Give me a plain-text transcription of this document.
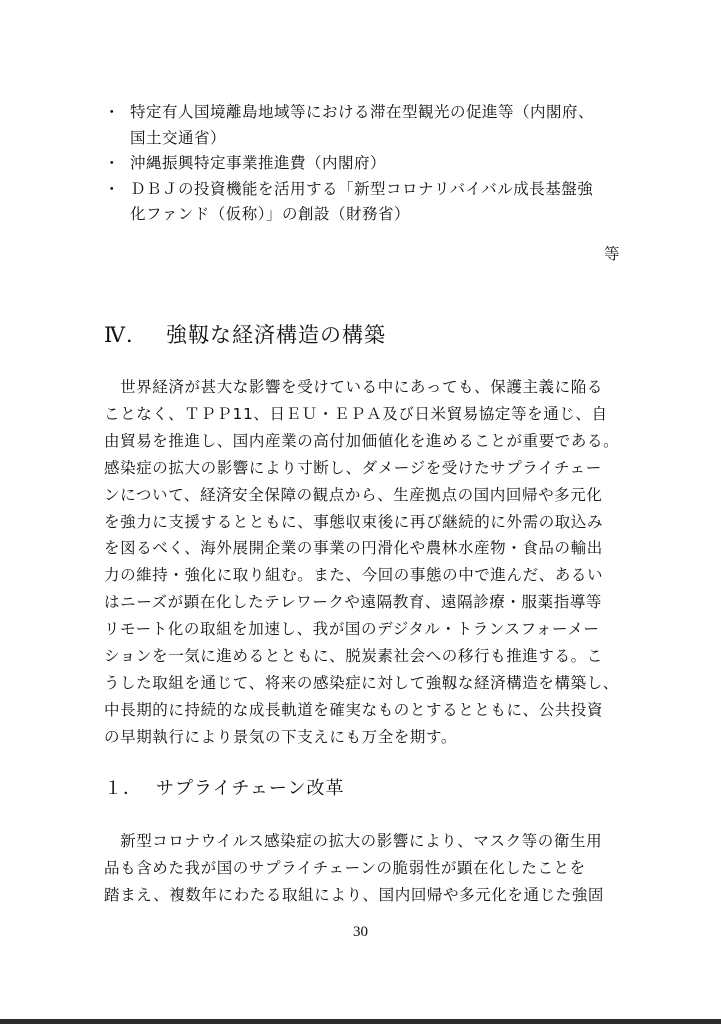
・ 特定有人国境離島地域等における滞在型観光の促進等（内閣府、
国土交通省）
・ 沖縄振興特定事業推進費（内閣府）
・ ＤＢＪの投資機能を活用する「新型コロナリバイバル成長基盤強
化ファンド（仮称）」の創設（財務省）
等
Ⅳ． 強靱な経済構造の構築
　世界経済が甚大な影響を受けている中にあっても、保護主義に陥る
ことなく、ＴＰＰ11、日ＥＵ・ＥＰＡ及び日米貿易協定等を通じ、自
由貿易を推進し、国内産業の高付加価値化を進めることが重要である。
感染症の拡大の影響により寸断し、ダメージを受けたサプライチェー
ンについて、経済安全保障の観点から、生産拠点の国内回帰や多元化
を強力に支援するとともに、事態収束後に再び継続的に外需の取込み
を図るべく、海外展開企業の事業の円滑化や農林水産物・食品の輸出
力の維持・強化に取り組む。また、今回の事態の中で進んだ、あるい
はニーズが顕在化したテレワークや遠隔教育、遠隔診療・服薬指導等
リモート化の取組を加速し、我が国のデジタル・トランスフォーメー
ションを一気に進めるとともに、脱炭素社会への移行も推進する。こ
うした取組を通じて、将来の感染症に対して強靱な経済構造を構築し、
中長期的に持続的な成長軌道を確実なものとするとともに、公共投資
の早期執行により景気の下支えにも万全を期す。
１． サプライチェーン改革
　新型コロナウイルス感染症の拡大の影響により、マスク等の衛生用
品も含めた我が国のサプライチェーンの脆弱性が顕在化したことを
踏まえ、複数年にわたる取組により、国内回帰や多元化を通じた強固
30
